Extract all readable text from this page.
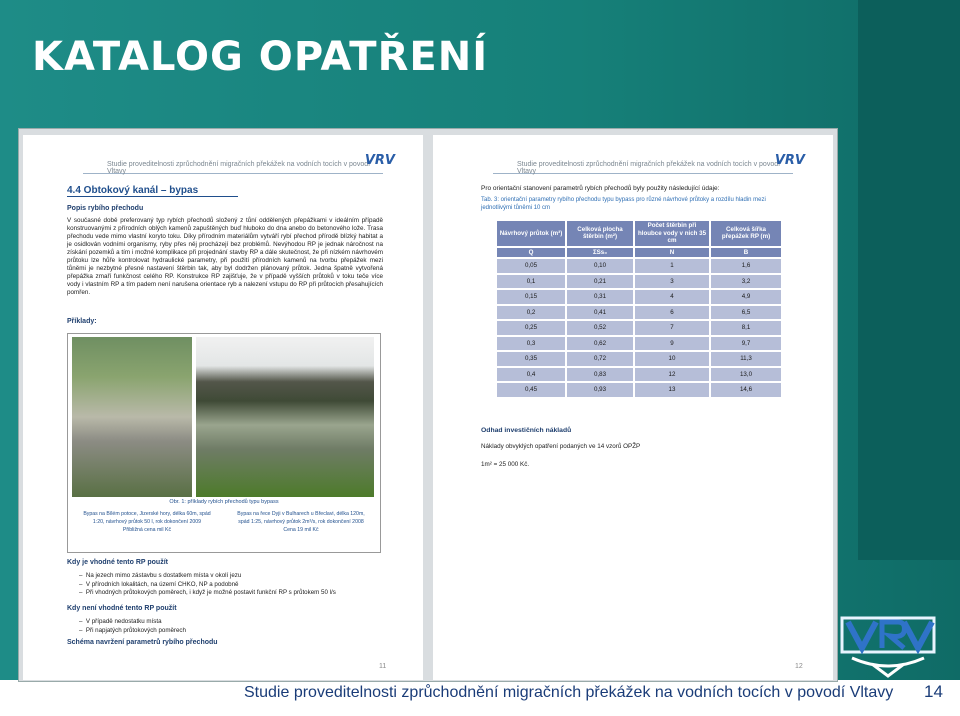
KATALOG OPATŘENÍ
Studie proveditelnosti zprůchodnění migračních překážek na vodních tocích v povodí Vltavy
VRV
4.4 Obtokový kanál – bypas
Popis rybího přechodu
V současné době preferovaný typ rybích přechodů složený z tůní oddělených přepážkami v ideálním případě konstruovanými z přírodních oblých kamenů zapuštěných buď hluboko do dna anebo do betonového lože. Trasa přechodu vede mimo vlastní koryto toku. Díky přírodním materiálům vytváří rybí přechod přírodě blízký habitat a je osidlován vodními organismy, ryby přes něj procházejí bez problémů. Nevýhodou RP je jednak náročnost na získání pozemků a tím i možné komplikace při projednání stavby RP a dále skutečnost, že při nízkém návrhovém průtoku lze hůře kontrolovat hydraulické parametry, při použití přírodních kamenů na tvorbu přepážek mezi tůněmi je nezbytné přesné nastavení štěrbin tak, aby byl dodržen plánovaný průtok. Jedna špatně vytvořená přepážka zmaří funkčnost celého RP. Konstrukce RP zajišťuje, že v případě vyšších průtoků v toku teče více vody i vlastním RP a tím padem není narušena orientace ryb a nalezení vstupu do RP při průtocích přesahujících pomřen.
Příklady:
Obr. 1: příklady rybích přechodů typu bypass
Bypas na Bílém potoce, Jizerské hory, délka 60m, spád
1:20, návrhový průtok 50 l, rok dokončení 2009
Přibližná cena mil Kč
Bypas na řece Dyji v Bulharech u Břeclavi, délka 120m,
spád 1:25, návrhový průtok 2m³/s, rok dokončení 2008
Cena 19 mil Kč
Kdy je vhodné tento RP použít
–  Na jezech mimo zástavbu s dostatkem místa v okolí jezu
–  V přírodních lokalitách, na území CHKO, NP a podobně
–  Při vhodných průtokových poměrech, i když je možné postavit funkční RP s průtokem 50 l/s
Kdy není vhodné tento RP použít
–  V případě nedostatku místa
–  Při napjatých průtokových poměrech
Schéma navržení parametrů rybího přechodu
11
Studie proveditelnosti zprůchodnění migračních překážek na vodních tocích v povodí Vltavy
VRV
Pro orientační stanovení parametrů rybích přechodů byly použity následující údaje:
Tab. 3: orientační parametry rybího přechodu typu bypass pro různé návrhové průtoky a rozdílu hladin mezi jednotlivými tůněmi 10 cm
Návrhový průtok (m³)	Celková plocha štěrbin (m²)	Počet štěrbin při hloubce vody v nich 35 cm	Celková šířka přepážek RP (m)
Q	ΣSs₀	N	B
0,05	0,10	1	1,6
0,1	0,21	3	3,2
0,15	0,31	4	4,9
0,2	0,41	6	6,5
0,25	0,52	7	8,1
0,3	0,62	9	9,7
0,35	0,72	10	11,3
0,4	0,83	12	13,0
0,45	0,93	13	14,6
Odhad investičních nákladů
Náklady obvyklých opatření podaných ve 14 vzorů OPŽP
1m² = 25 000 Kč.
12
Studie proveditelnosti zprůchodnění migračních překážek na vodních tocích v povodí Vltavy 14
